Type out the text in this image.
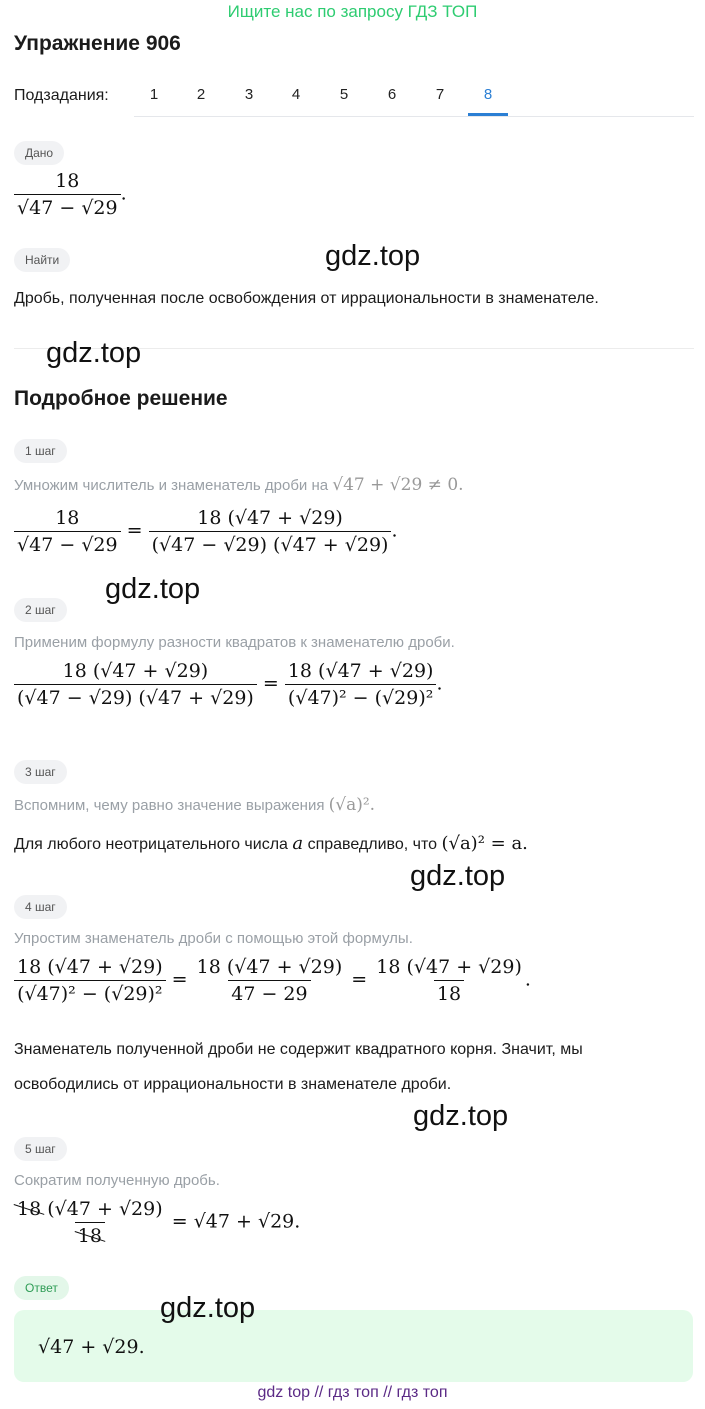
Ищите нас по запросу ГДЗ ТОП
Упражнение 906
Подзадания:	1	2	3	4	5	6	7	8
Дано
$\frac{18}{√47 - √29}$ .
Найти	gdz.top
Дробь, полученная после освобождения от иррациональности в знаменателе.
gdz.top
Подробное решение
1 шаг
Умножим числитель и знаменатель дроби на √47 + √29 ≠ 0.
$\frac{18}{√47 - √29} = \frac{18 (√47 + √29)}{(√47 - √29) (√47 + √29)}$ .
gdz.top
2 шаг
Применим формулу разности квадратов к знаменателю дроби.
$\frac{18 (√47 + √29)}{(√47 - √29) (√47 + √29)} = \frac{18 (√47 + √29)}{\text{(√47)² − (√29)²}}$ .
3 шаг
Вспомним, чему равно значение выражения (√a)².
Для любого неотрицательного числа a справедливо, что (√a)² = a.
gdz.top
4 шаг
Упростим знаменатель дроби с помощью этой формулы.
$\frac{18 (√47 + √29)}{\text{(√47)² − (√29)²}} = \frac{18 (√47 + √29)}{47 - 29} = \frac{18 (√47 + √29)}{18}$ .
Знаменатель полученной дроби не содержит квадратного корня. Значит, мы
освободились от иррациональности в знаменателе дроби.
gdz.top
5 шаг
Сократим полученную дробь.
$\frac{18 (√47 + √29)}{18} = √47 + √29$.
Ответ
√47 + √29.
gdz.top
gdz top // гдз топ // гдз топ
